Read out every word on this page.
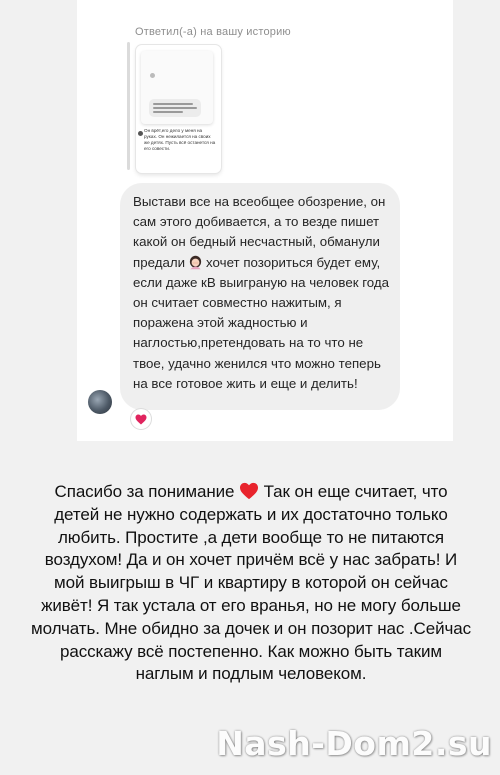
Ответил(-а) на вашу историю
Он врёт,его дело у меня на руках. Он нежилается на своих же детях. Пусть всё останется на его совести.
Выстави все на всеобщее обозрение, он сам этого добивается, а то везде пишет какой он бедный несчастный, обманули предали хочет позориться будет ему, если даже кВ выиграную на человек года он считает совместно нажитым, я поражена этой жадностью и наглостью,претендовать на то что не твое, удачно женился что можно теперь на все готовое жить и еще и делить!
Спасибо за понимание Так он еще считает, что детей не нужно содержать и их достаточно только любить. Простите ,а дети вообще то не питаются воздухом! Да и он хочет причём всё у нас забрать! И мой выигрыш в ЧГ и квартиру в которой он сейчас живёт! Я так устала от его вранья, но не могу больше молчать. Мне обидно за дочек и он позорит нас .Сейчас расскажу всё постепенно. Как можно быть таким наглым и подлым человеком.
Nash-Dom2.su
